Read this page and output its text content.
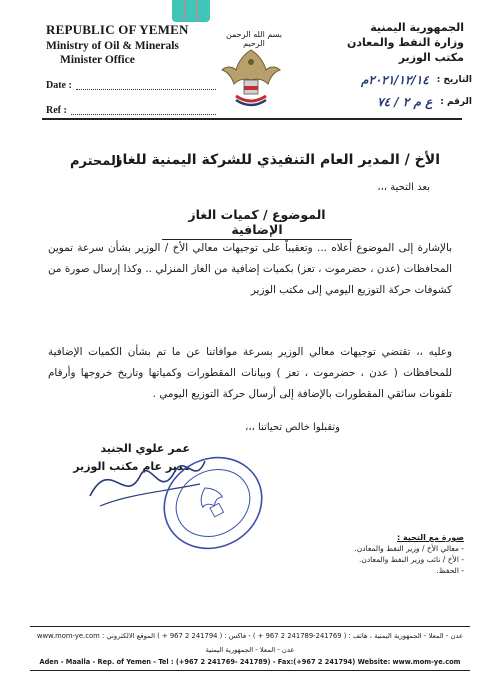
REPUBLIC OF YEMEN
Ministry of Oil & Minerals
Minister Office
Date :
Ref :
بسم الله الرحمن الرحيم
الجمهورية اليمنية
وزارة النفط والمعادن
مكتب الوزير
التاريخ :
٢٠٢١/١٢/١٤م
الرقم :
ع م ٢ / ٧٤
الأخ / المدير العام التنفيذي للشركة اليمنية للغاز
المحترم
بعد التحية ،،،
الموضوع / كميات الغاز الإضافية
بالإشارة إلى الموضوع أعلاه ... وتعقيباً على توجيهات معالي الأخ / الوزير بشأن سرعة تموين المحافظات (عدن ، حضرموت ، تعز) بكميات إضافية من الغاز المنزلي .. وكذا إرسال صورة من كشوفات حركة التوزيع اليومي إلى مكتب الوزير
وعليه ،، تقتضي توجيهات معالي الوزير بسرعة موافاتنا عن ما تم بشأن الكميات الإضافية للمحافظات ( عدن ، حضرموت ، تعز ) وبيانات المقطورات وكمياتها وتاريخ خروجها وأرقام تلفونات سائقي المقطورات بالإضافة إلى أرسال حركة التوزيع اليومي .
وتقبلوا خالص تحياتنا ،،،
عمر علوي الجنيد
مدير عام مكتب الوزير
صورة مع التحية :
- معالي الأخ / وزير النفط والمعادن.
- الأخ / نائب وزير النفط والمعادن.
- الحفظ.
www.mom-ye.com : عدن - المعلا - الجمهورية اليمنية ، هاتف : ( 241769-241789 2 967 + ) - فاكس : ( 241794 2 967 + ) الموقع الالكتروني
عدن - المعلا - الجمهورية اليمنية
Aden - Maalla - Rep. of Yemen - Tel : (+967 2 241769- 241789) - Fax:(+967 2 241794) Website: www.mom-ye.com
